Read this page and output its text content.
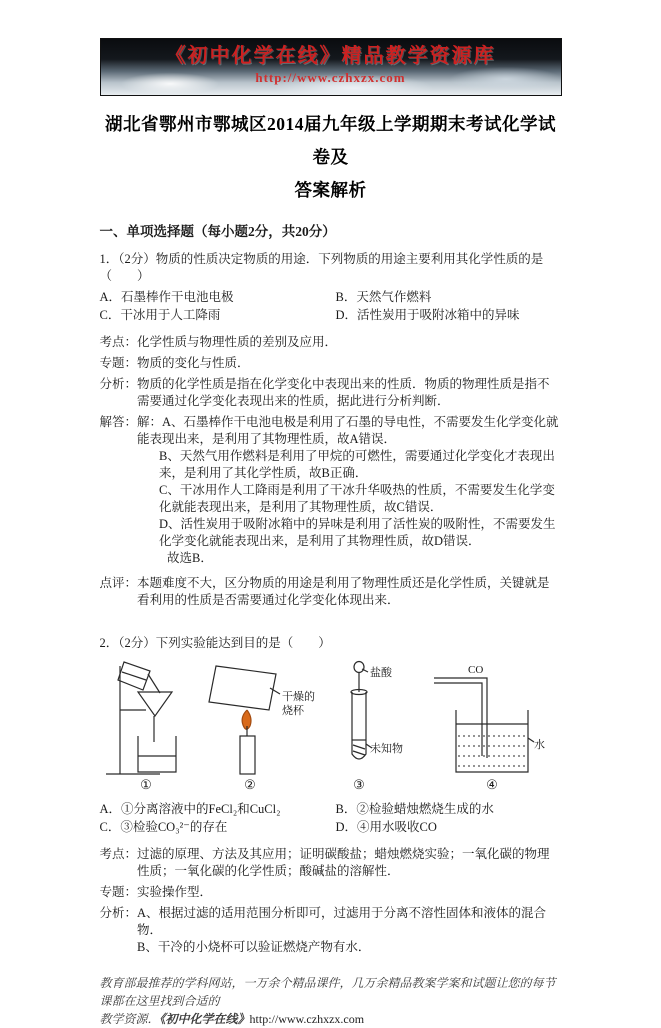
《初中化学在线》精品教学资源库
http://www.czhxzx.com
湖北省鄂州市鄂城区2014届九年级上学期期末考试化学试卷及
答案解析
一、单项选择题（每小题2分，共20分）
1．（2分）物质的性质决定物质的用途．下列物质的用途主要利用其化学性质的是（　　）
A．石墨棒作干电池电极	B．天然气作燃料
C．干冰用于人工降雨	D．活性炭用于吸附冰箱中的异味
考点： 化学性质与物理性质的差别及应用．
专题： 物质的变化与性质．
分析： 物质的化学性质是指在化学变化中表现出来的性质．物质的物理性质是指不需要通过化学变化表现出来的性质，据此进行分析判断．
解答： 解：A、石墨棒作干电池电极是利用了石墨的导电性，不需要发生化学变化就能表现出来，是利用了其物理性质，故A错误．

B、天然气用作燃料是利用了甲烷的可燃性，需要通过化学变化才表现出来，是利用了其化学性质，故B正确．

C、干冰用作人工降雨是利用了干冰升华吸热的性质，不需要发生化学变化就能表现出来，是利用了其物理性质，故C错误．

D、活性炭用于吸附冰箱中的异味是利用了活性炭的吸附性，不需要发生化学变化就能表现出来，是利用了其物理性质，故D错误．

故选B．

点评： 本题难度不大，区分物质的用途是利用了物理性质还是化学性质，关键就是看利用的性质是否需要通过化学变化体现出来．
2．（2分）下列实验能达到目的是（　　）
干燥的
烧杯
盐酸
未知物
CO
水
①	②	③	④
A．①分离溶液中的FeCl₂和CuCl₂	B．②检验蜡烛燃烧生成的水
C．③检验CO₃²⁻的存在	D．④用水吸收CO
考点： 过滤的原理、方法及其应用；证明碳酸盐；蜡烛燃烧实验；一氧化碳的物理性质；一氧化碳的化学性质；酸碱盐的溶解性．
专题： 实验操作型．
分析： A、根据过滤的适用范围分析即可，过滤用于分离不溶性固体和液体的混合物．

B、干冷的小烧杯可以验证燃烧产物有水．

教育部最推荐的学科网站，一万余个精品课件，几万余精品教案学案和试题让您的每节课都在这里找到合适的
教学资源．《初中化学在线》http://www.czhxzx.com
